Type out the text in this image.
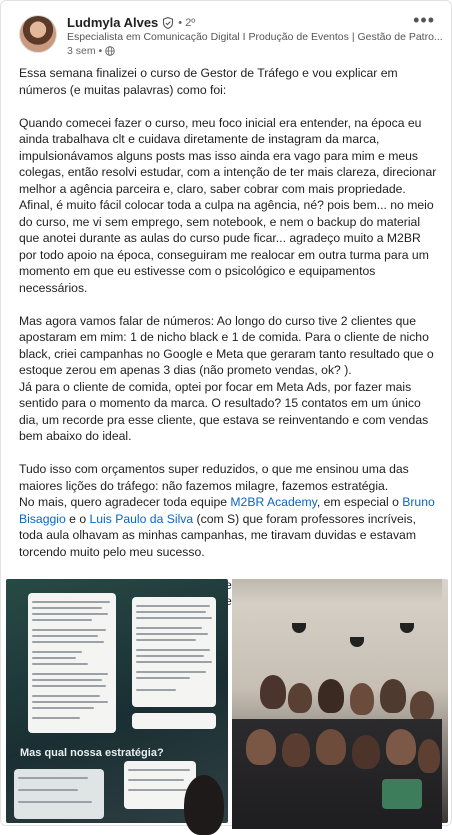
Ludmyla Alves • 2º
Especialista em Comunicação Digital I Produção de Eventos | Gestão de Patro...
3 sem •
•••

Essa semana finalizei o curso de Gestor de Tráfego e vou explicar em números (e muitas palavras) como foi:

Quando comecei fazer o curso, meu foco inicial era entender, na época eu ainda trabalhava clt e cuidava diretamente de instagram da marca, impulsionávamos alguns posts mas isso ainda era vago para mim e meus colegas, então resolvi estudar, com a intenção de ter mais clareza, direcionar melhor a agência parceira e, claro, saber cobrar com mais propriedade. Afinal, é muito fácil colocar toda a culpa na agência, né? pois bem... no meio do curso, me vi sem emprego, sem notebook, e nem o backup do material que anotei durante as aulas do curso pude ficar... agradeço muito a M2BR por todo apoio na época, conseguiram me realocar em outra turma para um momento em que eu estivesse com o psicológico e equipamentos necessários.

Mas agora vamos falar de números: Ao longo do curso tive 2 clientes que apostaram em mim: 1 de nicho black e 1 de comida. Para o cliente de nicho black, criei campanhas no Google e Meta que geraram tanto resultado que o estoque zerou em apenas 3 dias (não prometo vendas, ok? ).
Já para o cliente de comida, optei por focar em Meta Ads, por fazer mais sentido para o momento da marca. O resultado? 15 contatos em um único dia, um recorde pra esse cliente, que estava se reinventando e com vendas bem abaixo do ideal.

Tudo isso com orçamentos super reduzidos, o que me ensinou uma das maiores lições do tráfego: não fazemos milagre, fazemos estratégia.
No mais, quero agradecer toda equipe M2BR Academy, em especial o Bruno Bisaggio e o Luis Paulo da Silva (com S) que foram professores incríveis, toda aula olhavam as minhas campanhas, me tiravam duvidas e estavam torcendo muito pelo meu sucesso.

Mas qual nossa estratégia?
